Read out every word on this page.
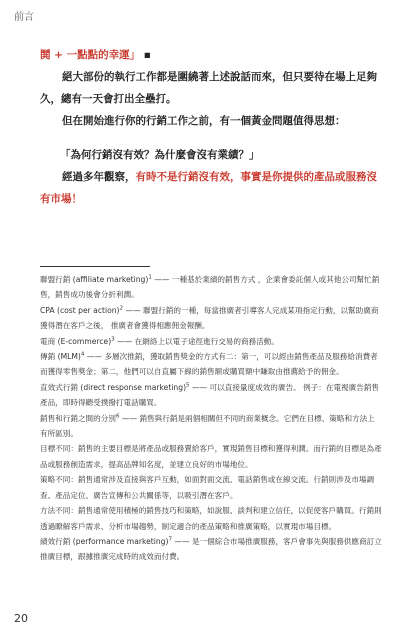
前言

鬨 + 一點點的幸運」 ▪

絕大部份的執行工作都是圍繞著上述說話而來，但只要待在場上足夠久，總有一天會打出全壘打。

但在開始進行你的行銷工作之前，有一個黃金問題值得思想：

「為何行銷沒有效？為什麼會沒有業績？」

經過多年觀察，有時不是行銷沒有效，事實是你提供的產品或服務沒有市場！

聯盟行銷 (affiliate marketing)$^1$ —— 一種基於業績的銷售方式 ，企業會委託個人或其他公司幫忙銷售，銷售成功後會分折利潤。

CPA (cost per action)$^2$ —— 聯盟行銷的一種，每當推廣者引導客人完成某項指定行動，以幫助廣商獲得潛在客戶之後， 推廣者會獲得相應佣金報酬。

電商 (E-commerce)$^3$ —— 在網絡上以電子途徑進行交易的商務活動。

傳銷 (MLM)$^4$ —— 多層次推銷，獲取銷售獎金的方式有二：第一，可以經由銷售產品及服務給消費者而獲得零售獎金；第二，他們可以自直屬下線的銷售額或購買額中賺取由推薦給予的佣金。

直效式行銷 (direct response marketing)$^5$ —— 可以直接量度成效的廣告。 例子：在電視廣告銷售產品，即時得聽受撲撥打電話購買。

銷售和行銷之間的分別$^6$ —— 銷售與行銷是兩個相關但不同的商業概念。它們在目標、策略和方法上有所區別。

目標不同：銷售的主要目標是將產品或服務賣給客戶，實現銷售目標和獲得利潤。而行銷的目標是為產品或服務創造需求，提高品牌知名度，並建立良好的市場地位。

策略不同：銷售通常涉及直接與客戶互動，如面對面交流、電話銷售或在線交流。行銷則涉及市場調查、產品定位、廣告宣傳和公共關係等，以吸引潛在客戶。

方法不同：銷售通常使用積極的銷售技巧和策略，如說服、談判和建立信任，以促使客戶購買。行銷則透過瞭解客戶需求、分析市場趨勢，制定適合的產品策略和推廣策略，以實現市場目標。

績效行銷 (performance marketing)$^7$ —— 是一個綜合市場推廣服務，客戶會事先與服務供應商訂立推廣目標，跟據推廣完成時的成效而付費。

20
